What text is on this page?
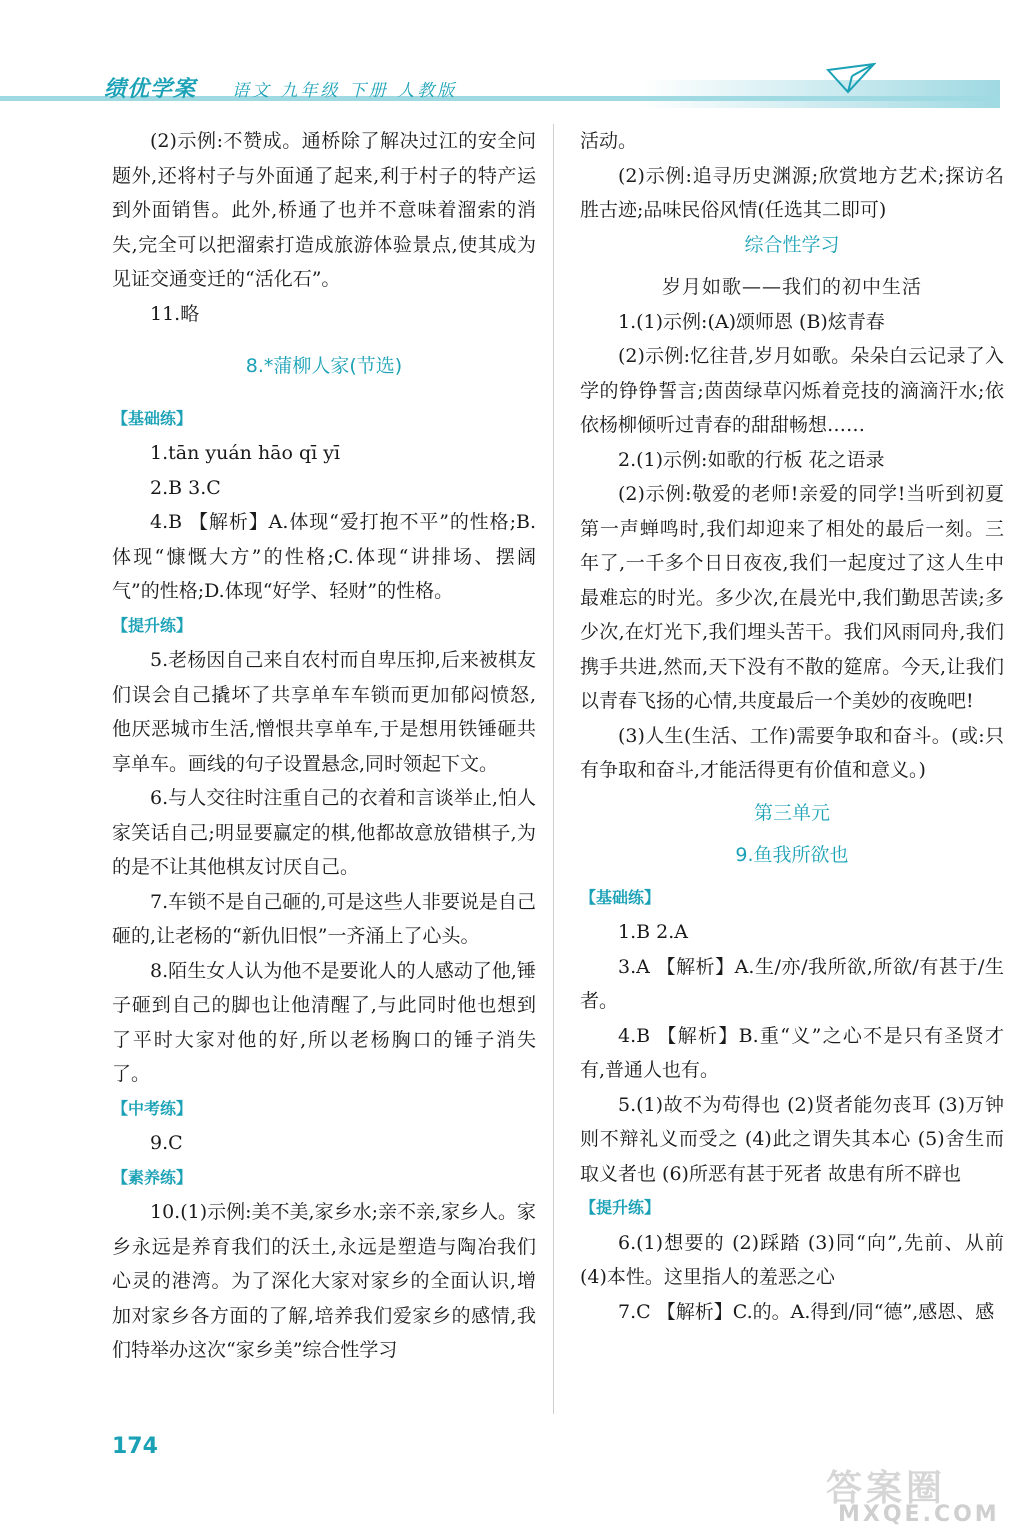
绩优学案 语文 九年级 下册 人教版

(2)示例:不赞成。通桥除了解决过江的安全问题外,还将村子与外面通了起来,利于村子的特产运到外面销售。此外,桥通了也并不意味着溜索的消失,完全可以把溜索打造成旅游体验景点,使其成为见证交通变迁的“活化石”。

11.略

8.*蒲柳人家(节选)

【基础练】

1.tān yuán hāo qī yī

2.B 3.C

4.B 【解析】A.体现“爱打抱不平”的性格;B.体现“慷慨大方”的性格;C.体现“讲排场、摆阔气”的性格;D.体现“好学、轻财”的性格。

【提升练】

5.老杨因自己来自农村而自卑压抑,后来被棋友们误会自己撬坏了共享单车车锁而更加郁闷愤怒,他厌恶城市生活,憎恨共享单车,于是想用铁锤砸共享单车。画线的句子设置悬念,同时领起下文。

6.与人交往时注重自己的衣着和言谈举止,怕人家笑话自己;明显要赢定的棋,他都故意放错棋子,为的是不让其他棋友讨厌自己。

7.车锁不是自己砸的,可是这些人非要说是自己砸的,让老杨的“新仇旧恨”一齐涌上了心头。

8.陌生女人认为他不是要讹人的人感动了他,锤子砸到自己的脚也让他清醒了,与此同时他也想到了平时大家对他的好,所以老杨胸口的锤子消失了。

【中考练】

9.C

【素养练】

10.(1)示例:美不美,家乡水;亲不亲,家乡人。家乡永远是养育我们的沃土,永远是塑造与陶冶我们心灵的港湾。为了深化大家对家乡的全面认识,增加对家乡各方面的了解,培养我们爱家乡的感情,我们特举办这次“家乡美”综合性学习

活动。

(2)示例:追寻历史渊源;欣赏地方艺术;探访名胜古迹;品味民俗风情(任选其二即可)

综合性学习

岁月如歌——我们的初中生活

1.(1)示例:(A)颂师恩 (B)炫青春

(2)示例:忆往昔,岁月如歌。朵朵白云记录了入学的铮铮誓言;茵茵绿草闪烁着竞技的滴滴汗水;依依杨柳倾听过青春的甜甜畅想……

2.(1)示例:如歌的行板 花之语录

(2)示例:敬爱的老师!亲爱的同学!当听到初夏第一声蝉鸣时,我们却迎来了相处的最后一刻。三年了,一千多个日日夜夜,我们一起度过了这人生中最难忘的时光。多少次,在晨光中,我们勤思苦读;多少次,在灯光下,我们埋头苦干。我们风雨同舟,我们携手共进,然而,天下没有不散的筵席。今天,让我们以青春飞扬的心情,共度最后一个美妙的夜晚吧!

(3)人生(生活、工作)需要争取和奋斗。(或:只有争取和奋斗,才能活得更有价值和意义。)

第三单元

9.鱼我所欲也

【基础练】

1.B 2.A

3.A 【解析】A.生/亦/我所欲,所欲/有甚于/生者。

4.B 【解析】B.重“义”之心不是只有圣贤才有,普通人也有。

5.(1)故不为苟得也 (2)贤者能勿丧耳 (3)万钟则不辩礼义而受之 (4)此之谓失其本心 (5)舍生而取义者也 (6)所恶有甚于死者 故患有所不辟也

【提升练】

6.(1)想要的 (2)踩踏 (3)同“向”,先前、从前 (4)本性。这里指人的羞恶之心

7.C 【解析】C.的。A.得到/同“德”,感恩、感

174
答案圈
MXQE.COM
